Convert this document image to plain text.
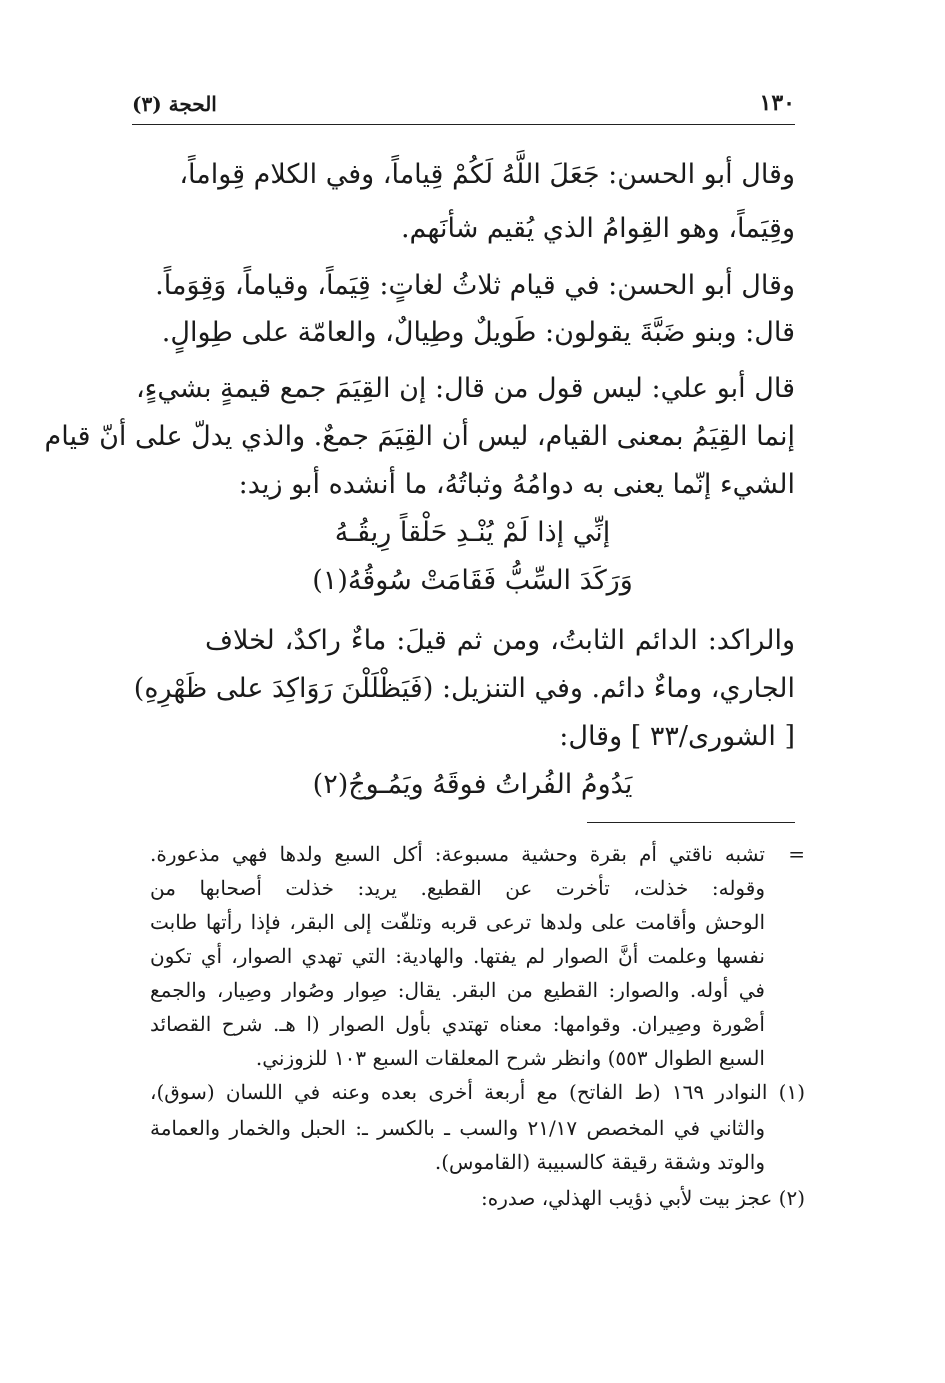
١٣٠
الحجة (٣)
وقال أبو الحسن: جَعَلَ اللَّهُ لَكُمْ قِياماً، وفي الكلام قِواماً،
وقِيَماً، وهو القِوامُ الذي يُقيم شأنَهم.
وقال أبو الحسن: في قيام ثلاثُ لغاتٍ: قِيَماً، وقياماً، وَقِوَماً.
قال: وبنو ضَبَّةَ يقولون: طَويلٌ وطِيالٌ، والعامّة على طِوالٍ.
قال أبو علي: ليس قول من قال: إن القِيَمَ جمع قيمةٍ بشيءٍ،
إنما القِيَمُ بمعنى القيام، ليس أن القِيَمَ جمعٌ. والذي يدلّ على أنّ قيام
الشيء إنّما يعنى به دوامُهُ وثباتُهُ، ما أنشده أبو زيد:
إنِّي إذا لَمْ يُنْـدِ حَلْقاً رِيقُـهُ
وَرَكَدَ السِّبُّ فَقَامَتْ سُوقُهُ(١)
والراكد: الدائم الثابتُ، ومن ثم قيلَ: ماءٌ راكدٌ، لخلاف
الجاري، وماءٌ دائم. وفي التنزيل: (فَيَظْلَلْنَ رَوَاكِدَ على ظَهْرِهِ)
[ الشورى/٣٣ ] وقال:
يَدُومُ الفُراتُ فوقَهُ ويَمُـوجُ(٢)
=
تشبه ناقتي أم بقرة وحشية مسبوعة: أكل السبع ولدها فهي مذعورة.
وقوله: خذلت، تأخرت عن القطيع. يريد: خذلت أصحابها من
الوحش وأقامت على ولدها ترعى قربه وتلفّت إلى البقر، فإذا رأتها طابت
نفسها وعلمت أنَّ الصوار لم يفتها. والهادية: التي تهدي الصوار، أي تكون
في أوله. والصوار: القطيع من البقر. يقال: صِوار وصُوار وصِيار، والجمع
أصْورة وصِيران. وقوامها: معناه تهتدي بأول الصوار (ا هـ. شرح القصائد
السبع الطوال ٥٥٣) وانظر شرح المعلقات السبع ١٠٣ للزوزني.
(١) النوادر ١٦٩ (ط الفاتح) مع أربعة أخرى بعده وعنه في اللسان (سوق)،
والثاني في المخصص ٢١/١٧ والسب ـ بالكسر ـ: الحبل والخمار والعمامة
والوتد وشقة رقيقة كالسبيبة (القاموس).
(٢) عجز بيت لأبي ذؤيب الهذلي، صدره:
